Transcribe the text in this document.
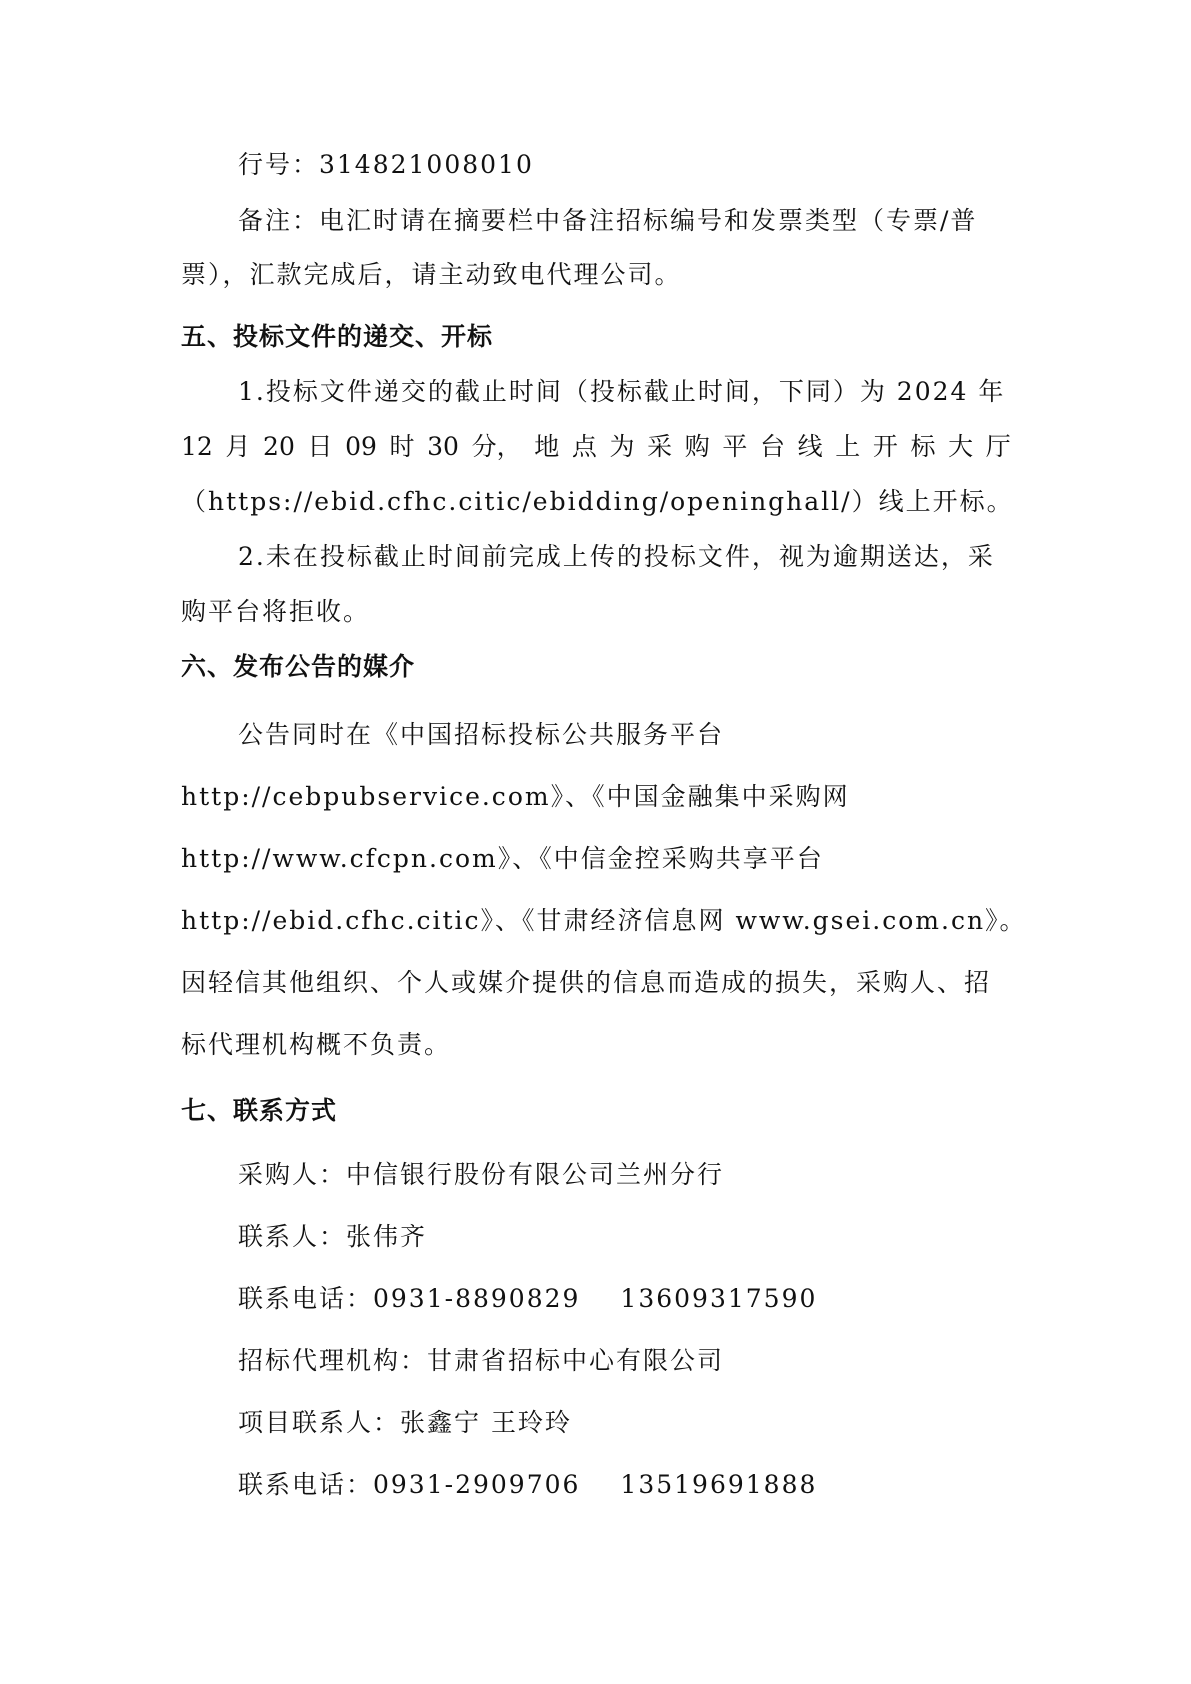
行号：314821008010
备注：电汇时请在摘要栏中备注招标编号和发票类型（专票/普
票），汇款完成后，请主动致电代理公司。
五、投标文件的递交、开标
1.投标文件递交的截止时间（投标截止时间，下同）为 2024 年
12 月 20 日 09 时 30 分， 地 点 为 采 购 平 台 线 上 开 标 大 厅
（https://ebid.cfhc.citic/ebidding/openinghall/）线上开标。
2.未在投标截止时间前完成上传的投标文件，视为逾期送达，采
购平台将拒收。
六、发布公告的媒介
公告同时在《中国招标投标公共服务平台
http://cebpubservice.com》、《中国金融集中采购网
http://www.cfcpn.com》、《中信金控采购共享平台
http://ebid.cfhc.citic》、《甘肃经济信息网 www.gsei.com.cn》。
因轻信其他组织、个人或媒介提供的信息而造成的损失，采购人、招
标代理机构概不负责。
七、联系方式
采购人：中信银行股份有限公司兰州分行
联系人：张伟齐
联系电话：0931-8890829 13609317590
招标代理机构：甘肃省招标中心有限公司
项目联系人：张鑫宁 王玲玲
联系电话：0931-2909706 13519691888
